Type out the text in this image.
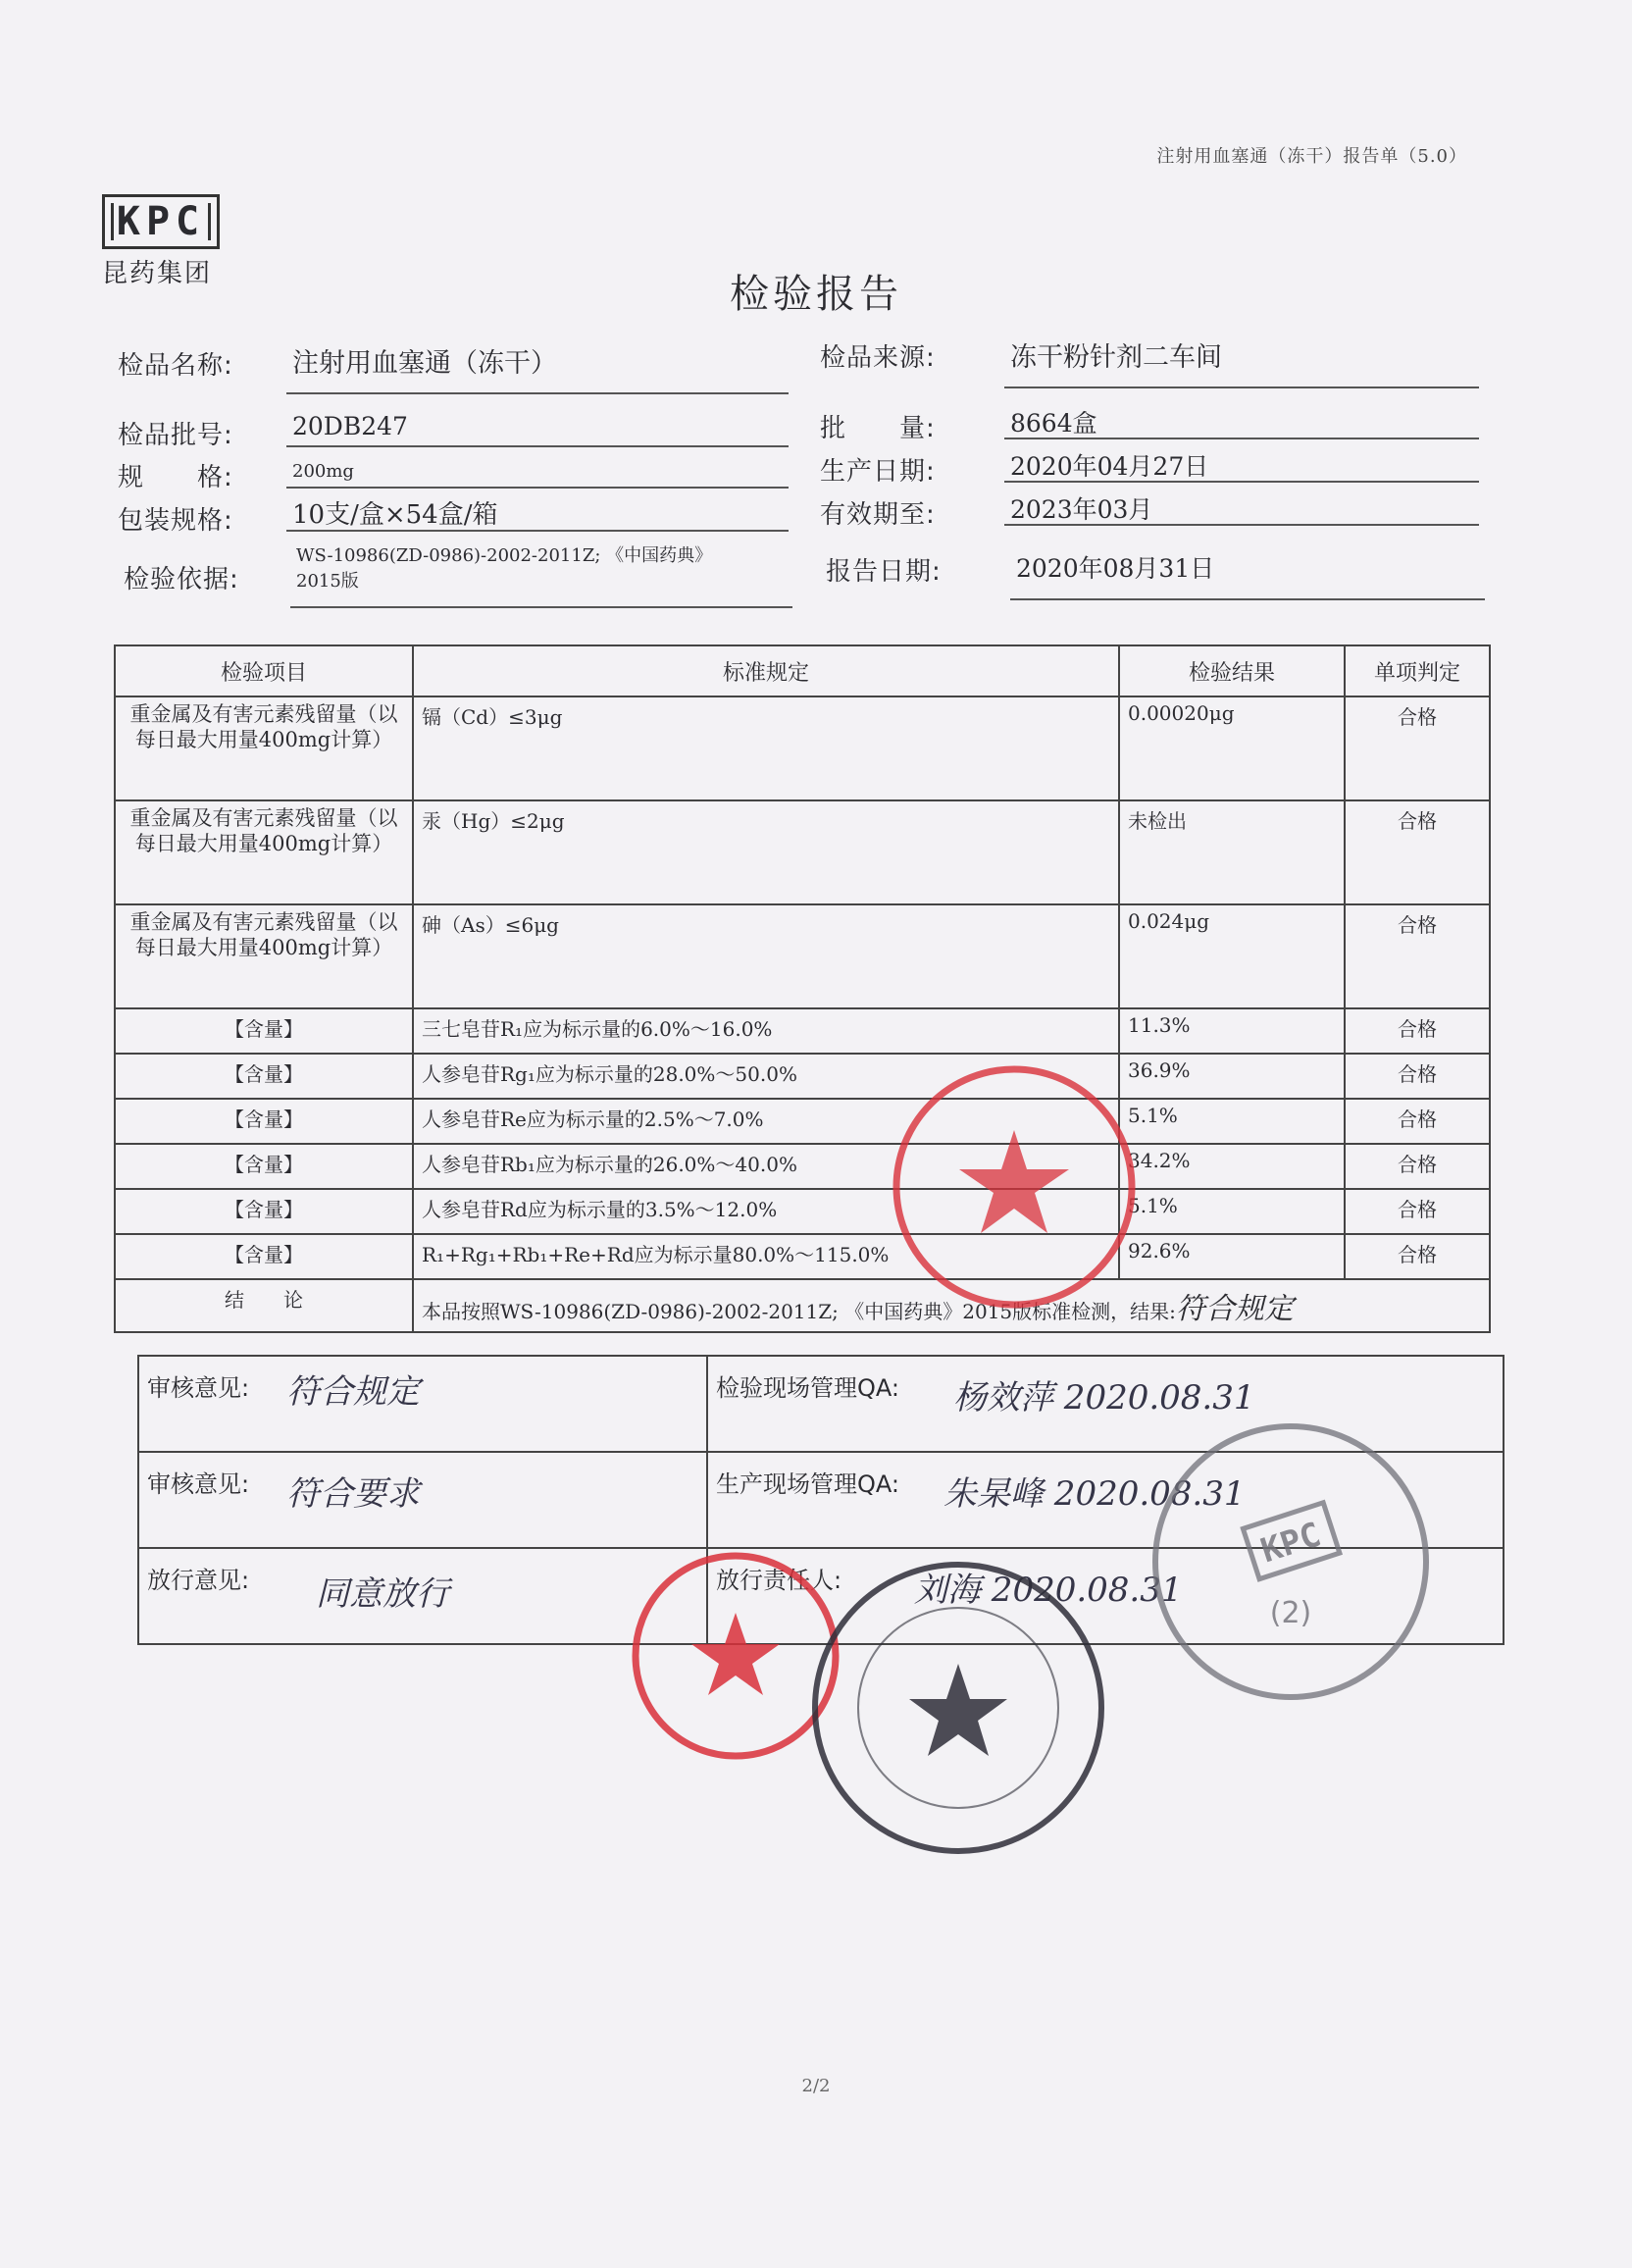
注射用血塞通（冻干）报告单（5.0）
KPC
昆药集团	检验报告
检品名称: 注射用血塞通（冻干）	检品来源:	冻干粉针剂二车间
检品批号: 20DB247	批　　量:	8664盒
规　　格:	200mg	生产日期:	2020年04月27日
包装规格: 10支/盒×54盒/箱	有效期至:	2023年03月
检验依据:
WS-10986(ZD-0986)-2002-2011Z; 《中国药典》
2015版	报告日期:	2020年08月31日
检验项目	标准规定	检验结果	单项判定
重金属及有害元素残留量（以每日最大用量400mg计算）	镉（Cd）≤3μg	0.00020μg	合格
重金属及有害元素残留量（以每日最大用量400mg计算）	汞（Hg）≤2μg	未检出	合格
重金属及有害元素残留量（以每日最大用量400mg计算）	砷（As）≤6μg	0.024μg	合格
【含量】	三七皂苷R₁应为标示量的6.0%～16.0%	11.3%	合格
【含量】	人参皂苷Rg₁应为标示量的28.0%～50.0%	36.9%	合格
【含量】	人参皂苷Re应为标示量的2.5%～7.0%	5.1%	合格
【含量】	人参皂苷Rb₁应为标示量的26.0%～40.0%	34.2%	合格
【含量】	人参皂苷Rd应为标示量的3.5%～12.0%	5.1%	合格
【含量】	R₁+Rg₁+Rb₁+Re+Rd应为标示量80.0%～115.0%	92.6%	合格
结　　论	本品按照WS-10986(ZD-0986)-2002-2011Z; 《中国药典》2015版标准检测，结果:符合规定		
审核意见: 符合规定	检验现场管理QA: 杨效萍 2020.08.31

审核意见: 符合要求	生产现场管理QA: 朱杲峰 2020.08.31

放行意见: 同意放行	放行责任人: 刘海 2020.08.31
KPC
(2)
2/2
